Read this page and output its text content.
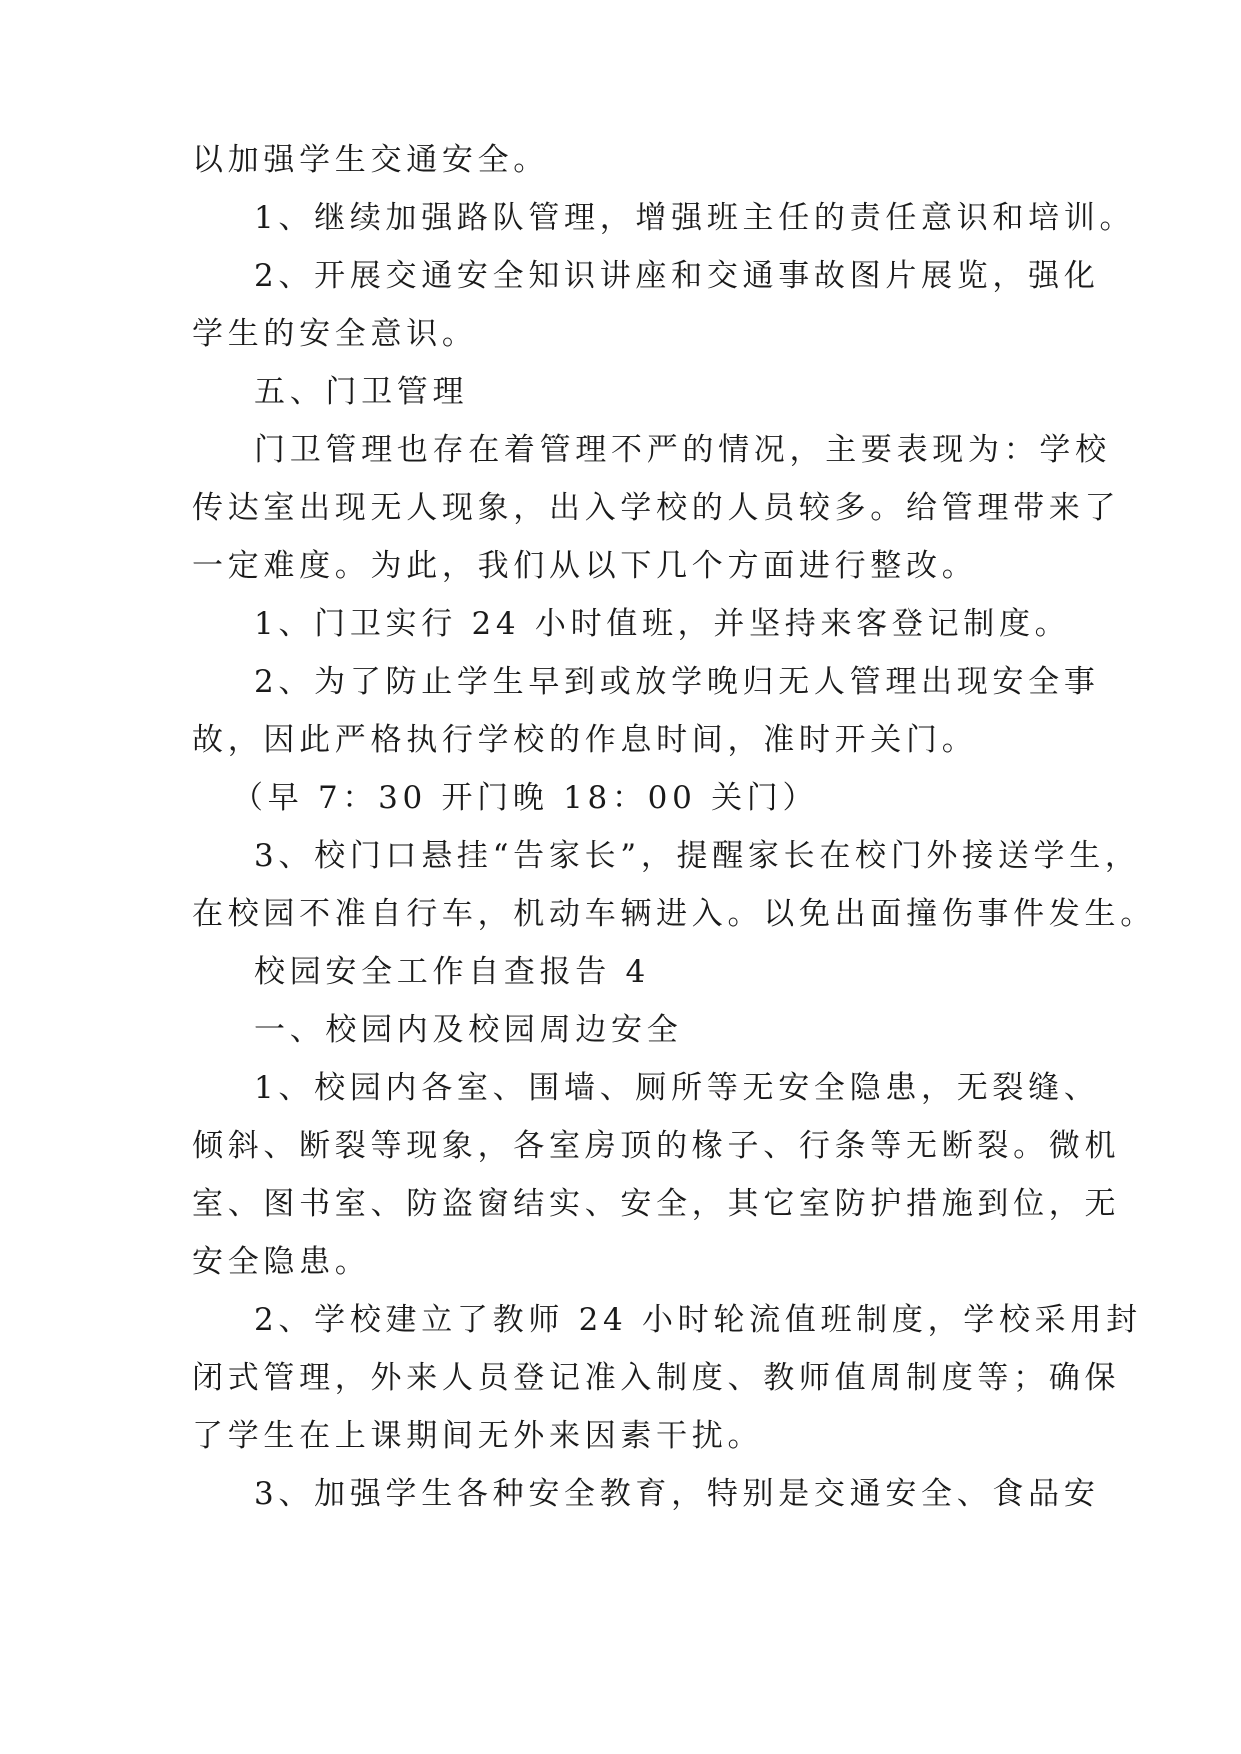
以加强学生交通安全。
1、继续加强路队管理，增强班主任的责任意识和培训。
2、开展交通安全知识讲座和交通事故图片展览，强化
学生的安全意识。
五、门卫管理
门卫管理也存在着管理不严的情况，主要表现为：学校
传达室出现无人现象，出入学校的人员较多。给管理带来了
一定难度。为此，我们从以下几个方面进行整改。
1、门卫实行 24 小时值班，并坚持来客登记制度。
2、为了防止学生早到或放学晚归无人管理出现安全事
故，因此严格执行学校的作息时间，准时开关门。
（早 7：30 开门晚 18：00 关门）
3、校门口悬挂“告家长”，提醒家长在校门外接送学生，
在校园不准自行车，机动车辆进入。以免出面撞伤事件发生。
校园安全工作自查报告 4
一、校园内及校园周边安全
1、校园内各室、围墙、厕所等无安全隐患，无裂缝、
倾斜、断裂等现象，各室房顶的椽子、行条等无断裂。微机
室、图书室、防盗窗结实、安全，其它室防护措施到位，无
安全隐患。
2、学校建立了教师 24 小时轮流值班制度，学校采用封
闭式管理，外来人员登记准入制度、教师值周制度等；确保
了学生在上课期间无外来因素干扰。
3、加强学生各种安全教育，特别是交通安全、食品安
